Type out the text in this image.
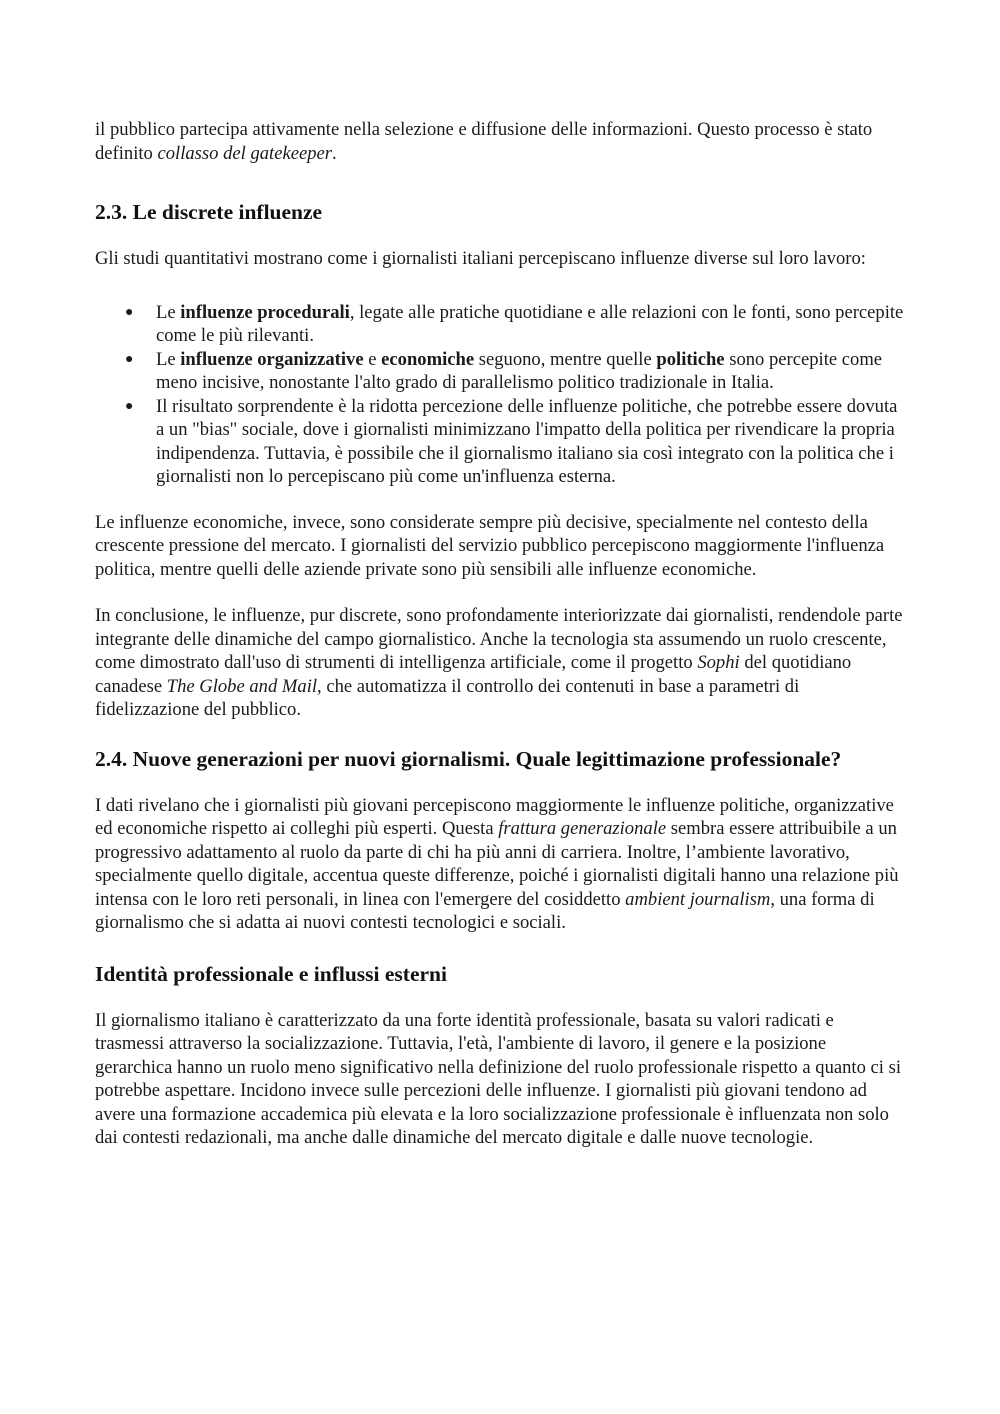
il pubblico partecipa attivamente nella selezione e diffusione delle informazioni. Questo processo è stato definito collasso del gatekeeper.

2.3. Le discrete influenze

Gli studi quantitativi mostrano come i giornalisti italiani percepiscano influenze diverse sul loro lavoro:

● Le influenze procedurali, legate alle pratiche quotidiane e alle relazioni con le fonti, sono percepite come le più rilevanti.
● Le influenze organizzative e economiche seguono, mentre quelle politiche sono percepite come meno incisive, nonostante l'alto grado di parallelismo politico tradizionale in Italia.
● Il risultato sorprendente è la ridotta percezione delle influenze politiche, che potrebbe essere dovuta a un "bias" sociale, dove i giornalisti minimizzano l'impatto della politica per rivendicare la propria indipendenza. Tuttavia, è possibile che il giornalismo italiano sia così integrato con la politica che i giornalisti non lo percepiscano più come un'influenza esterna.

Le influenze economiche, invece, sono considerate sempre più decisive, specialmente nel contesto della crescente pressione del mercato. I giornalisti del servizio pubblico percepiscono maggiormente l'influenza politica, mentre quelli delle aziende private sono più sensibili alle influenze economiche.

In conclusione, le influenze, pur discrete, sono profondamente interiorizzate dai giornalisti, rendendole parte integrante delle dinamiche del campo giornalistico. Anche la tecnologia sta assumendo un ruolo crescente, come dimostrato dall'uso di strumenti di intelligenza artificiale, come il progetto Sophi del quotidiano canadese The Globe and Mail, che automatizza il controllo dei contenuti in base a parametri di fidelizzazione del pubblico.

2.4. Nuove generazioni per nuovi giornalismi. Quale legittimazione professionale?

I dati rivelano che i giornalisti più giovani percepiscono maggiormente le influenze politiche, organizzative ed economiche rispetto ai colleghi più esperti. Questa frattura generazionale sembra essere attribuibile a un progressivo adattamento al ruolo da parte di chi ha più anni di carriera. Inoltre, l’ambiente lavorativo, specialmente quello digitale, accentua queste differenze, poiché i giornalisti digitali hanno una relazione più intensa con le loro reti personali, in linea con l'emergere del cosiddetto ambient journalism, una forma di giornalismo che si adatta ai nuovi contesti tecnologici e sociali.

Identità professionale e influssi esterni

Il giornalismo italiano è caratterizzato da una forte identità professionale, basata su valori radicati e trasmessi attraverso la socializzazione. Tuttavia, l'età, l'ambiente di lavoro, il genere e la posizione gerarchica hanno un ruolo meno significativo nella definizione del ruolo professionale rispetto a quanto ci si potrebbe aspettare. Incidono invece sulle percezioni delle influenze. I giornalisti più giovani tendono ad avere una formazione accademica più elevata e la loro socializzazione professionale è influenzata non solo dai contesti redazionali, ma anche dalle dinamiche del mercato digitale e dalle nuove tecnologie.
